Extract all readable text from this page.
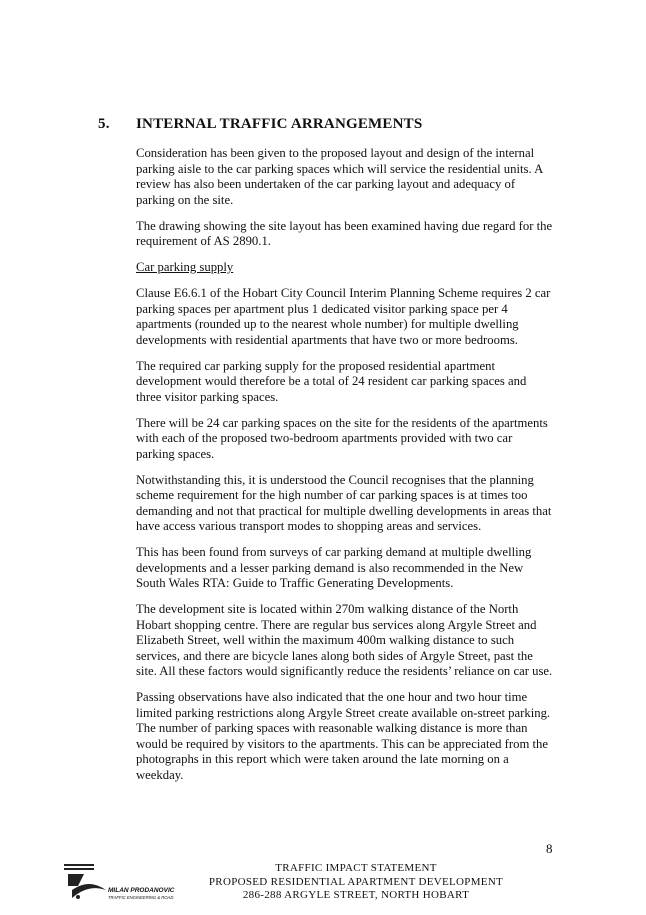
5.	INTERNAL TRAFFIC ARRANGEMENTS

Consideration has been given to the proposed layout and design of the internal parking aisle to the car parking spaces which will service the residential units. A review has also been undertaken of the car parking layout and adequacy of parking on the site.

The drawing showing the site layout has been examined having due regard for the requirement of AS 2890.1.

Car parking supply

Clause E6.6.1 of the Hobart City Council Interim Planning Scheme requires 2 car parking spaces per apartment plus 1 dedicated visitor parking space per 4 apartments (rounded up to the nearest whole number) for multiple dwelling developments with residential apartments that have two or more bedrooms.

The required car parking supply for the proposed residential apartment development would therefore be a total of 24 resident car parking spaces and three visitor parking spaces.

There will be 24 car parking spaces on the site for the residents of the apartments with each of the proposed two-bedroom apartments provided with two car parking spaces.

Notwithstanding this, it is understood the Council recognises that the planning scheme requirement for the high number of car parking spaces is at times too demanding and not that practical for multiple dwelling developments in areas that have access various transport modes to shopping areas and services.

This has been found from surveys of car parking demand at multiple dwelling developments and a lesser parking demand is also recommended in the New South Wales RTA: Guide to Traffic Generating Developments.

The development site is located within 270m walking distance of the North Hobart shopping centre. There are regular bus services along Argyle Street and Elizabeth Street, well within the maximum 400m walking distance to such services, and there are bicycle lanes along both sides of Argyle Street, past the site. All these factors would significantly reduce the residents’ reliance on car use.

Passing observations have also indicated that the one hour and two hour time limited parking restrictions along Argyle Street create available on-street parking. The number of parking spaces with reasonable walking distance is more than would be required by visitors to the apartments. This can be appreciated from the photographs in this report which were taken around the late morning on a weekday.

8
MILAN PRODANOVIC
TRAFFIC ENGINEERING & ROAD
TRAFFIC IMPACT STATEMENT
PROPOSED RESIDENTIAL APARTMENT DEVELOPMENT
286-288 ARGYLE STREET, NORTH HOBART
